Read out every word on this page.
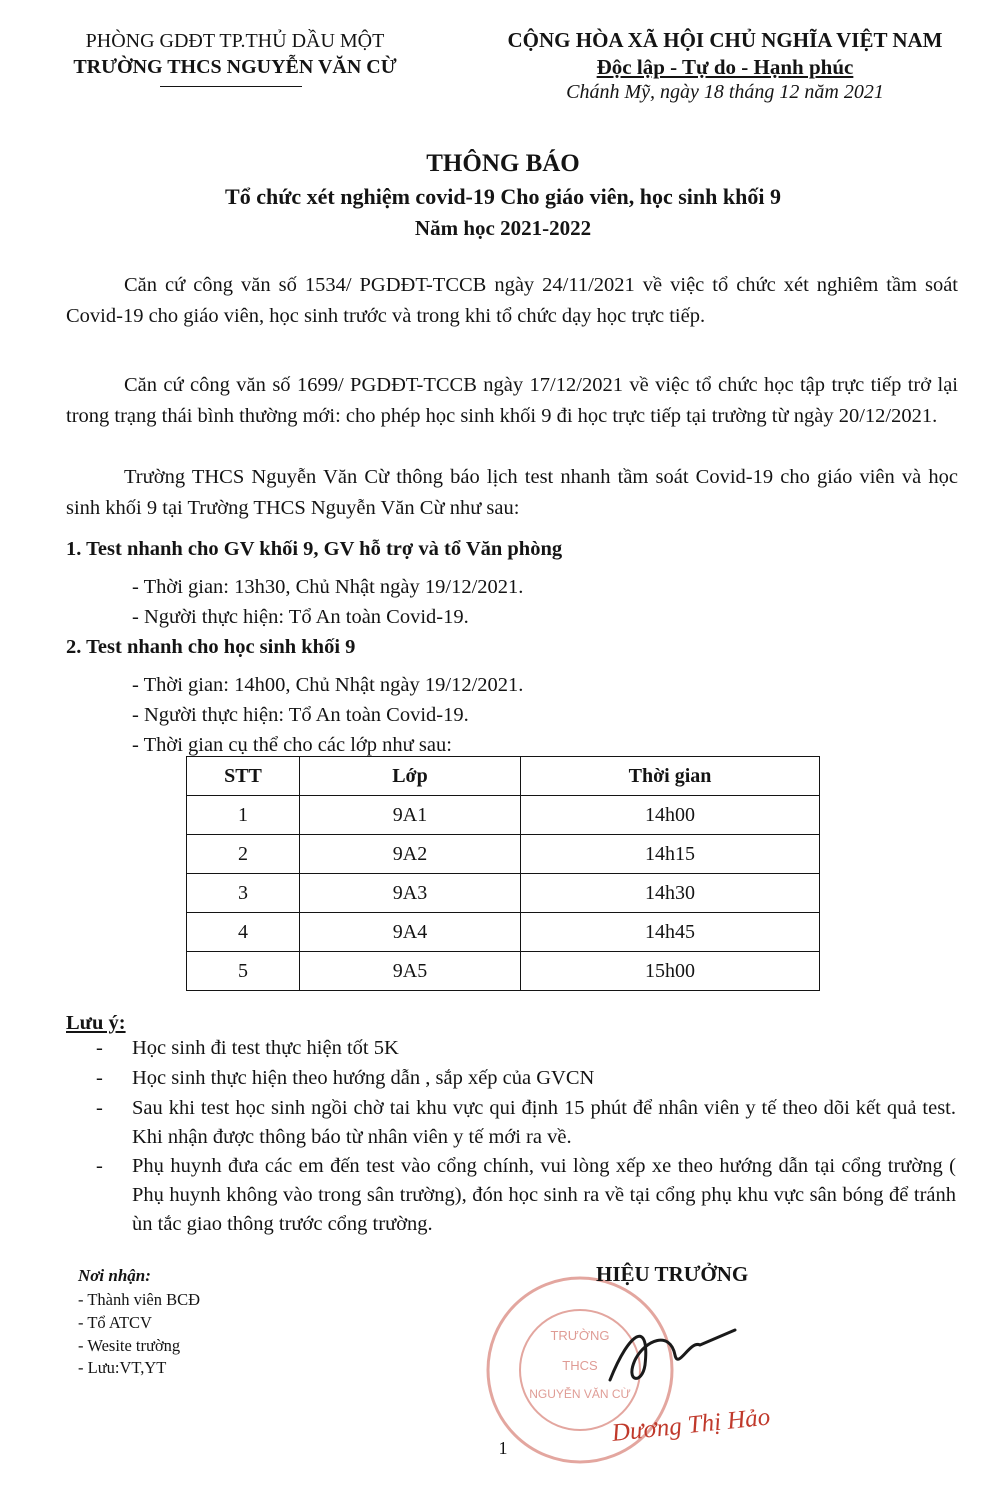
PHÒNG GDĐT TP.THỦ DẦU MỘT
TRƯỜNG THCS NGUYỄN VĂN CỪ
CỘNG HÒA XÃ HỘI CHỦ NGHĨA VIỆT NAM
Độc lập - Tự do - Hạnh phúc
Chánh Mỹ, ngày 18 tháng 12 năm 2021
THÔNG BÁO
Tổ chức xét nghiệm covid-19 Cho giáo viên, học sinh khối 9
Năm học 2021-2022
Căn cứ công văn số 1534/ PGDĐT-TCCB ngày 24/11/2021 về việc tổ chức xét nghiêm tầm soát Covid-19 cho giáo viên, học sinh trước và trong khi tổ chức dạy học trực tiếp.
Căn cứ công văn số 1699/ PGDĐT-TCCB ngày 17/12/2021 về việc tổ chức học tập trực tiếp trở lại trong trạng thái bình thường mới: cho phép học sinh khối 9 đi học trực tiếp tại trường từ ngày 20/12/2021.
Trường THCS Nguyễn Văn Cừ thông báo lịch test nhanh tầm soát Covid-19 cho giáo viên và học sinh khối 9 tại Trường THCS Nguyễn Văn Cừ như sau:
1. Test nhanh cho GV khối 9, GV hỗ trợ và tổ Văn phòng
- Thời gian: 13h30, Chủ Nhật ngày 19/12/2021.
- Người thực hiện: Tổ An toàn Covid-19.
2. Test nhanh cho học sinh khối 9
- Thời gian: 14h00, Chủ Nhật ngày 19/12/2021.
- Người thực hiện: Tổ An toàn Covid-19.
- Thời gian cụ thể cho các lớp như sau:
STT	Lớp	Thời gian
1	9A1	14h00
2	9A2	14h15
3	9A3	14h30
4	9A4	14h45
5	9A5	15h00
Lưu ý:
- Học sinh đi test thực hiện tốt 5K
- Học sinh thực hiện theo hướng dẫn , sắp xếp của GVCN
- Sau khi test học sinh ngồi chờ tai khu vực qui định 15 phút để nhân viên y tế theo dõi kết quả test. Khi nhận được thông báo từ nhân viên y tế mới ra về.
- Phụ huynh đưa các em đến test vào cổng chính, vui lòng xếp xe theo hướng dẫn tại cổng trường ( Phụ huynh không vào trong sân trường), đón học sinh ra về tại cổng phụ khu vực sân bóng để tránh ùn tắc giao thông trước cổng trường.
Nơi nhận:
- Thành viên BCĐ
- Tổ ATCV
- Wesite trường
- Lưu:VT,YT
TRƯỜNG
THCS
NGUYỄN VĂN CỪ
HIỆU TRƯỞNG
Dương Thị Hảo
1
